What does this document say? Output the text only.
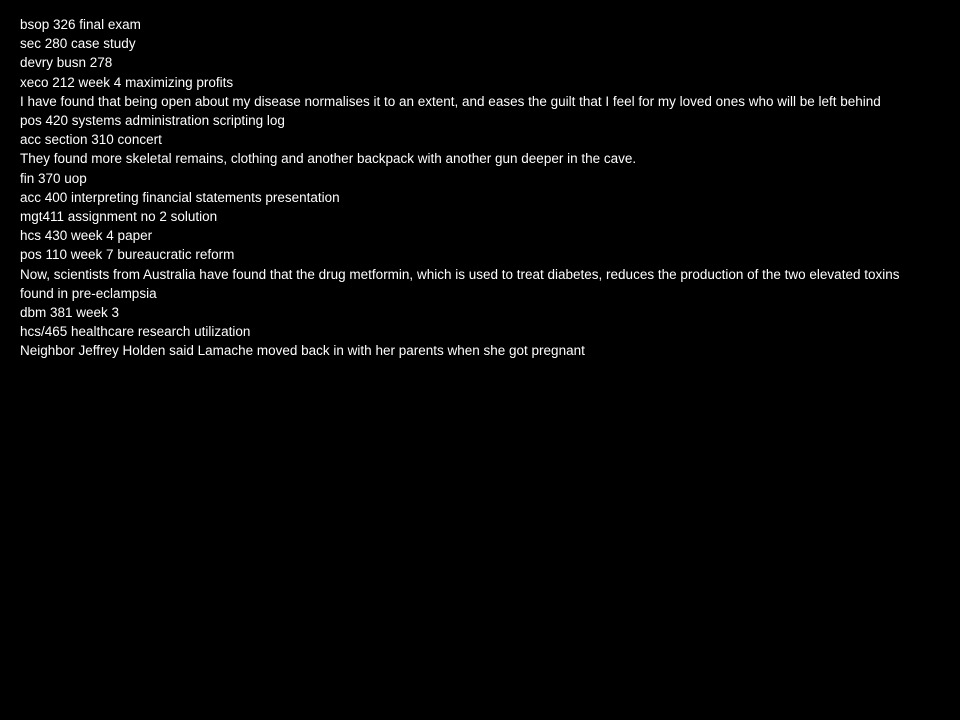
bsop 326 final exam
sec 280 case study
devry busn 278
xeco 212 week 4 maximizing profits
I have found that being open about my disease normalises it to an extent, and eases the guilt that I feel for my loved ones who will be left behind
pos 420 systems administration scripting log
acc section 310 concert
They found more skeletal remains, clothing and another backpack with another gun deeper in the cave.
fin 370 uop
acc 400 interpreting financial statements presentation
mgt411 assignment no 2 solution
hcs 430 week 4 paper
pos 110 week 7 bureaucratic reform
Now, scientists from Australia have found that the drug metformin, which is used to treat diabetes, reduces the production of the two elevated toxins found in pre-eclampsia
dbm 381 week 3
hcs/465 healthcare research utilization
Neighbor Jeffrey Holden said Lamache moved back in with her parents when she got pregnant
